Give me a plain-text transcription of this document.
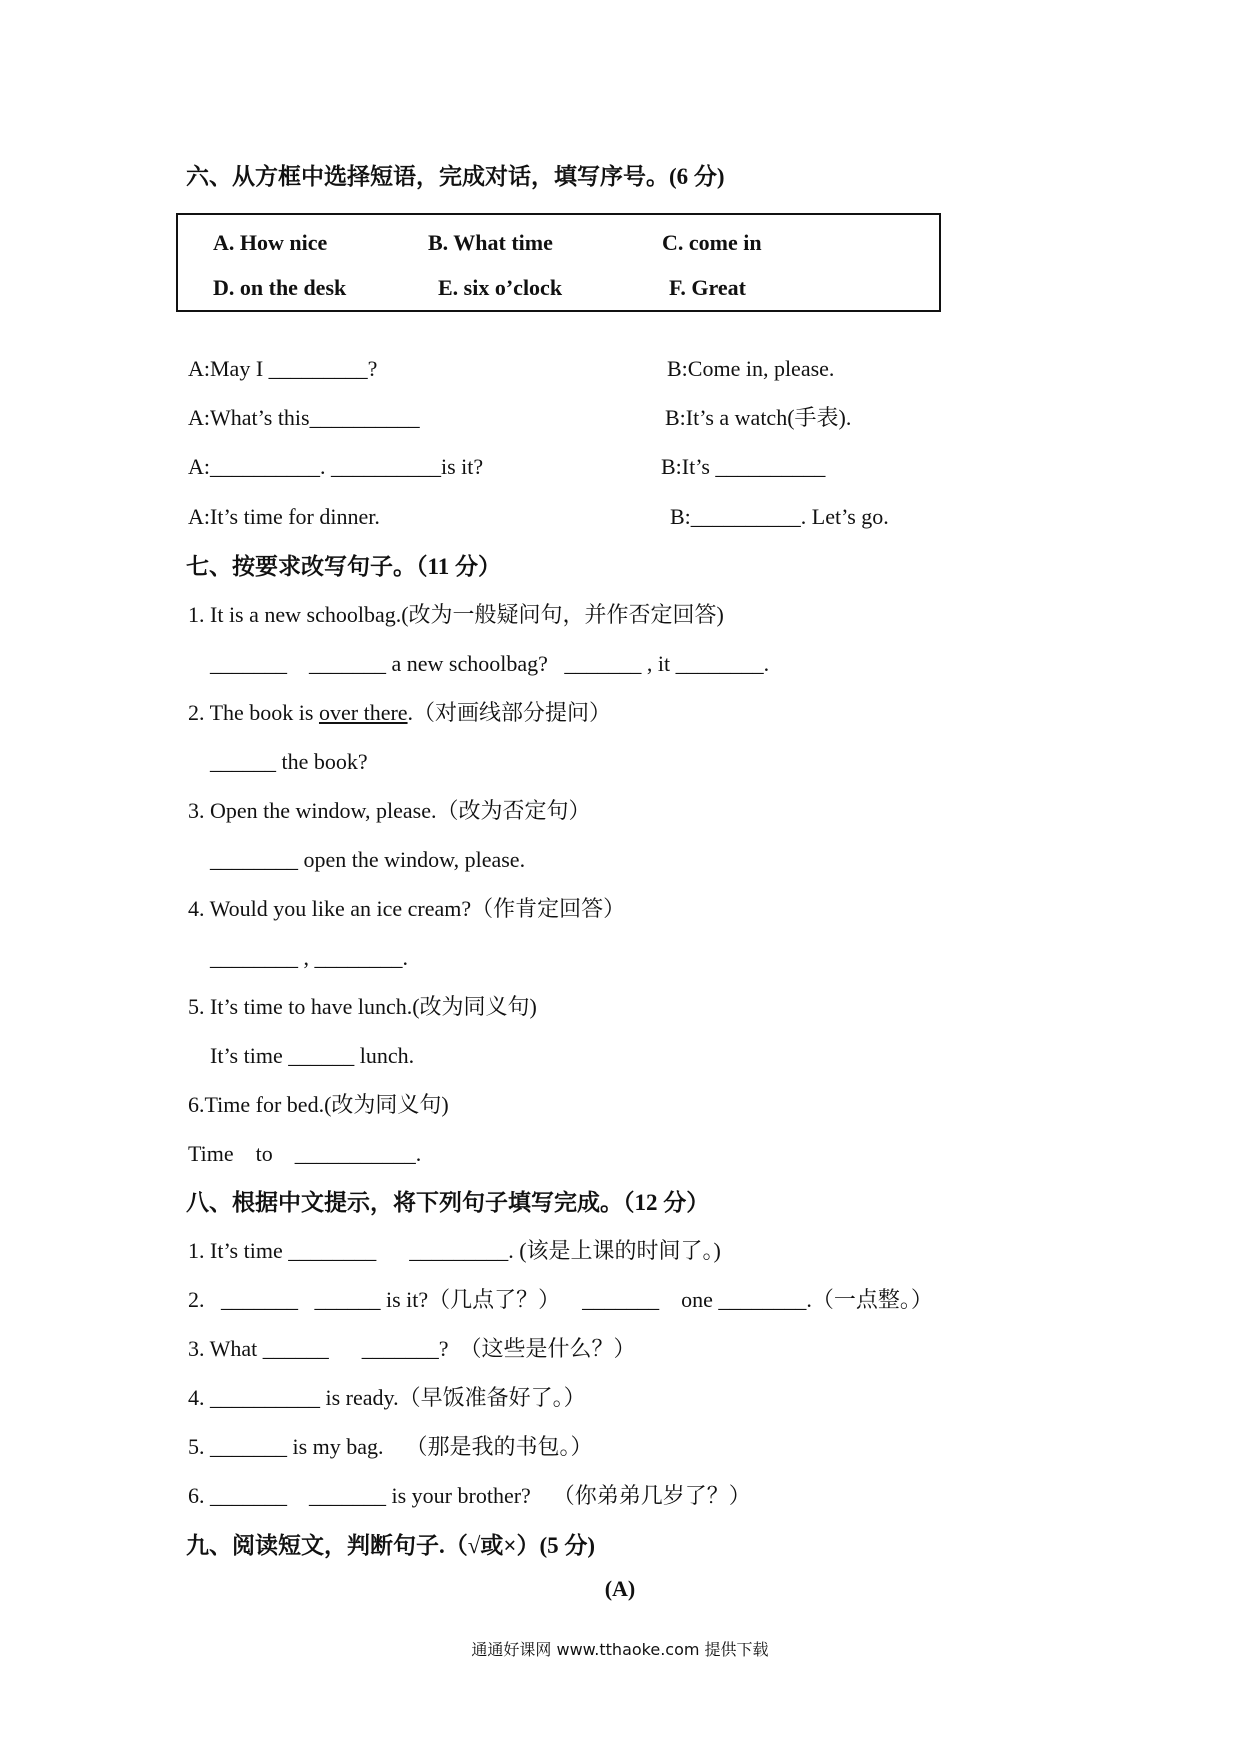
六、从方框中选择短语，完成对话，填写序号。(6 分)
A. How nice	B. What time	C. come in
D. on the desk	E. six o’clock	F. Great
A:May I _________?	B:Come in, please.
A:What’s this__________	B:It’s a watch(手表).
A:__________. __________is it?	B:It’s __________
A:It’s time for dinner.	B:__________. Let’s go.
七、按要求改写句子。（11 分）
1. It is a new schoolbag.(改为一般疑问句，并作否定回答)
_______    _______ a new schoolbag?   _______ , it ________.
2. The book is over there.（对画线部分提问）
______ the book?
3. Open the window, please.（改为否定句）
________ open the window, please.
4. Would you like an ice cream?（作肯定回答）
________ , ________.
5. It’s time to have lunch.(改为同义句)
It’s time ______ lunch.
6.Time for bed.(改为同义句)
Time    to    ___________.
八、根据中文提示，将下列句子填写完成。（12 分）
1. It’s time ________      _________. (该是上课的时间了。)
2.   _______   ______ is it?（几点了？）    _______    one ________.（一点整。）
3. What ______      _______?  （这些是什么？）
4. __________ is ready.（早饭准备好了。）
5. _______ is my bag.    （那是我的书包。）
6. _______    _______ is your brother?    （你弟弟几岁了？）
九、阅读短文，判断句子.（√或×）(5 分)
(A)
通通好课网 www.tthaoke.com 提供下载
